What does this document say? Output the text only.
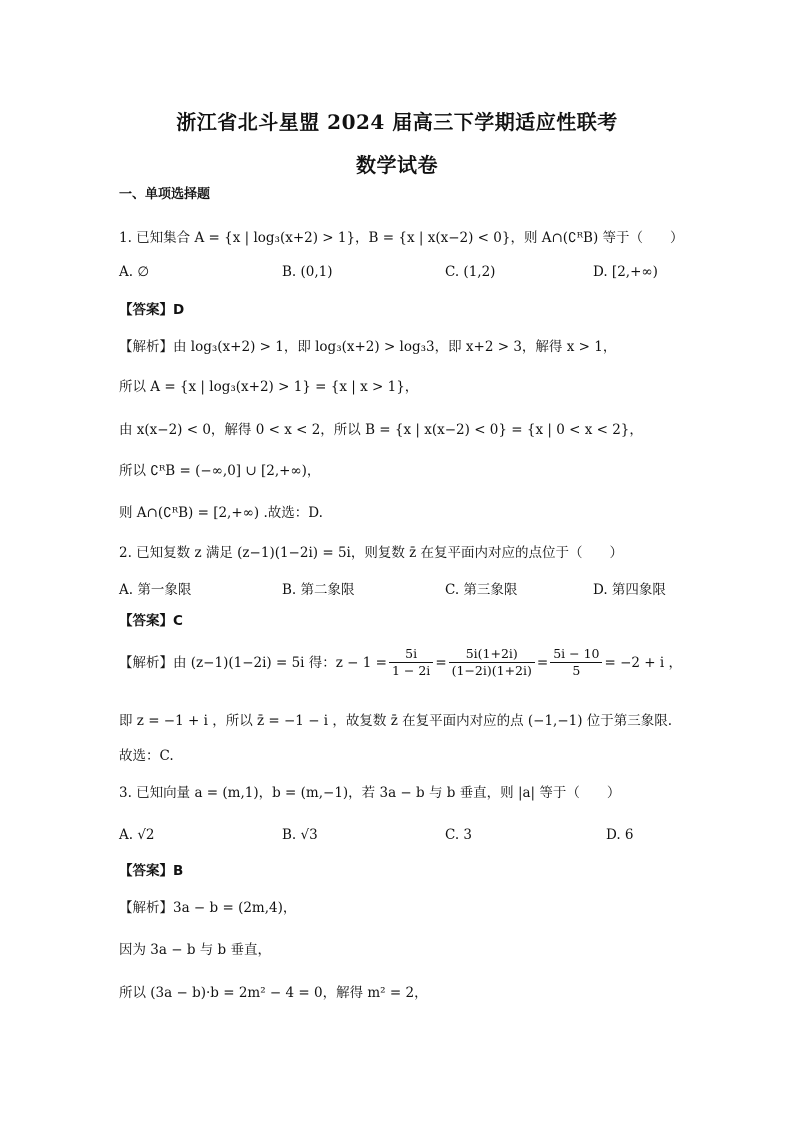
浙江省北斗星盟 2024 届高三下学期适应性联考
数学试卷
一、单项选择题
1. 已知集合 A = {x | log₃(x+2) > 1}，B = {x | x(x−2) < 0}，则 A∩(∁ᴿB) 等于（　　）
A. ∅	B. (0,1)	C. (1,2)	D. [2,+∞)
【答案】D
【解析】由 log₃(x+2) > 1，即 log₃(x+2) > log₃3，即 x+2 > 3，解得 x > 1，
所以 A = {x | log₃(x+2) > 1} = {x | x > 1}，
由 x(x−2) < 0，解得 0 < x < 2，所以 B = {x | x(x−2) < 0} = {x | 0 < x < 2}，
所以 ∁ᴿB = (−∞,0] ∪ [2,+∞)，
则 A∩(∁ᴿB) = [2,+∞) .故选：D.
2. 已知复数 z 满足 (z−1)(1−2i) = 5i，则复数 z̄ 在复平面内对应的点位于（　　）
A. 第一象限	B. 第二象限	C. 第三象限	D. 第四象限
【答案】C
【解析】由 (z−1)(1−2i) = 5i 得：$z - 1 = \frac{5i}{1 - 2i} = \frac{5i(1+2i)}{(1-2i)(1+2i)} = \frac{5i - 10}{5} = -2 + i$ ，
即 z = −1 + i ，所以 z̄ = −1 − i ，故复数 z̄ 在复平面内对应的点 (−1,−1) 位于第三象限.
故选：C.
3. 已知向量 a = (m,1)，b = (m,−1)，若 3a − b 与 b 垂直，则 |a| 等于（　　）
A. √2	B. √3	C. 3	D. 6
【答案】B
【解析】3a − b = (2m,4)，
因为 3a − b 与 b 垂直，
所以 (3a − b)·b = 2m² − 4 = 0，解得 m² = 2，
